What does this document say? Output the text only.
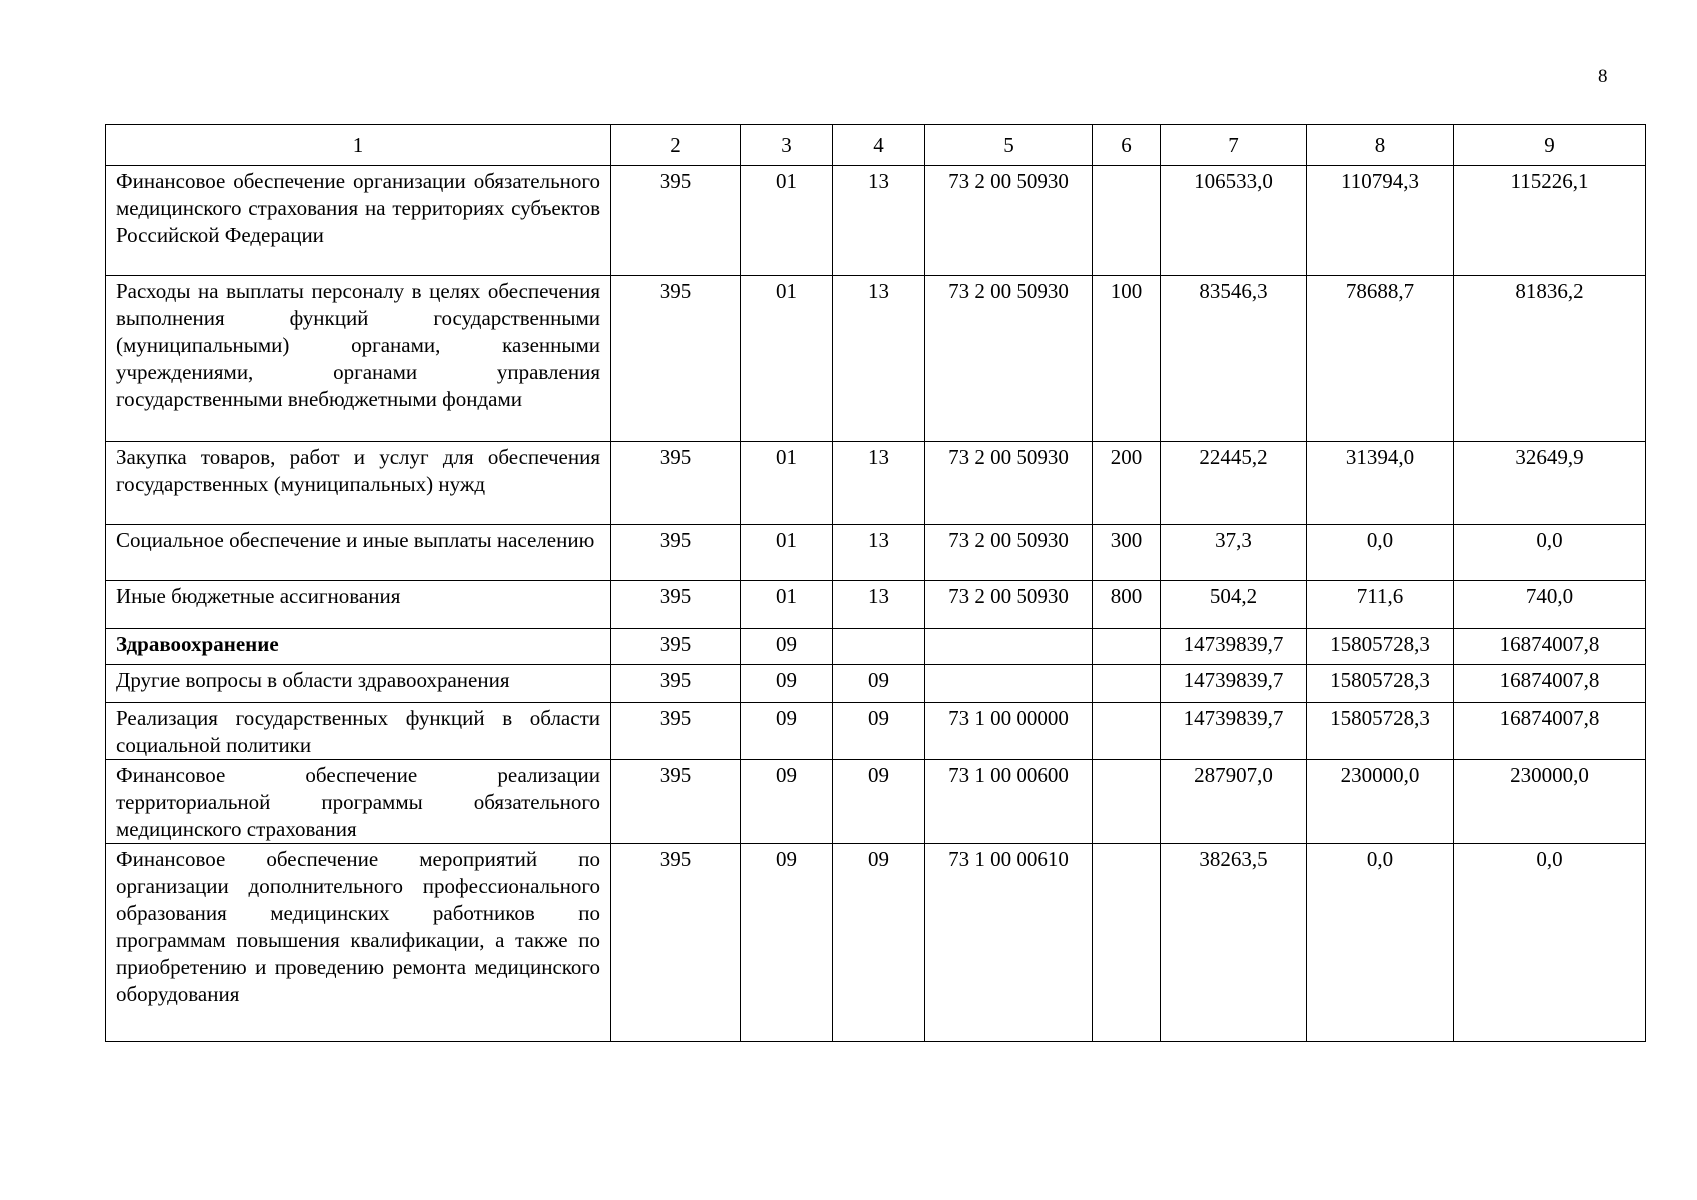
8
1	2	3	4	5	6	7	8	9
Финансовое обеспечение организации обязательного медицинского страхования на территориях субъектов Российской Федерации	395	01	13	73 2 00 50930		106533,0	110794,3	115226,1
Расходы на выплаты персоналу в целях обеспечения выполнения функций государственными (муниципальными) органами, казенными учреждениями, органами управления государственными внебюджетными фондами	395	01	13	73 2 00 50930	100	83546,3	78688,7	81836,2
Закупка товаров, работ и услуг для обеспечения государственных (муниципальных) нужд	395	01	13	73 2 00 50930	200	22445,2	31394,0	32649,9
Социальное обеспечение и иные выплаты населению	395	01	13	73 2 00 50930	300	37,3	0,0	0,0
Иные бюджетные ассигнования	395	01	13	73 2 00 50930	800	504,2	711,6	740,0
Здравоохранение	395	09				14739839,7	15805728,3	16874007,8
Другие вопросы в области здравоохранения	395	09	09			14739839,7	15805728,3	16874007,8
Реализация государственных функций в области социальной политики	395	09	09	73 1 00 00000		14739839,7	15805728,3	16874007,8
Финансовое обеспечение реализации территориальной программы обязательного медицинского страхования	395	09	09	73 1 00 00600		287907,0	230000,0	230000,0
Финансовое обеспечение мероприятий по организации дополнительного профессионального образования медицинских работников по программам повышения квалификации, а также по приобретению и проведению ремонта медицинского оборудования	395	09	09	73 1 00 00610		38263,5	0,0	0,0
